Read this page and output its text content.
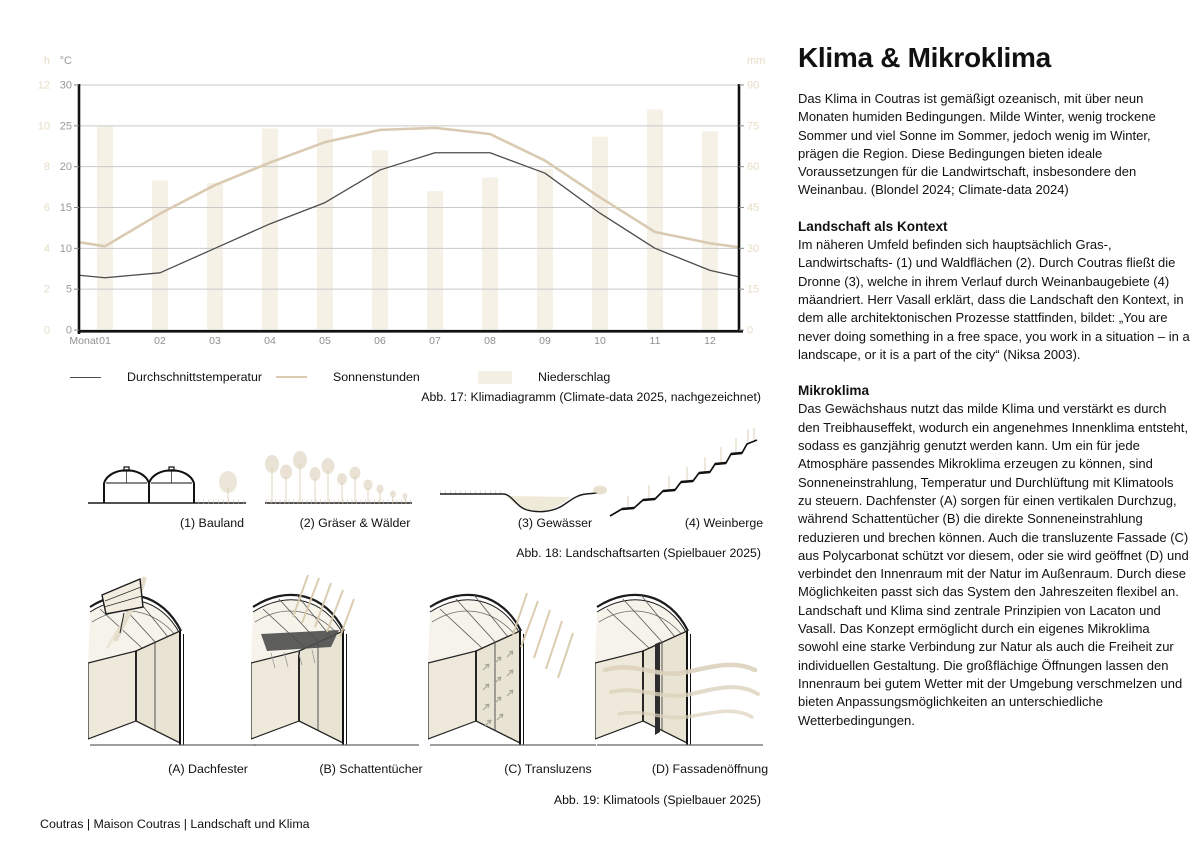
0
5
10
15
20
25
30
0
2
4
6
8
10
12
0
15
30
45
60
75
90
h °C	mm
01	02	03	04	05	06	07	08	09	10	11	12
Monat
Durchschnittstemperatur	Sonnenstunden	Niederschlag
Abb. 17: Klimadiagramm (Climate-data 2025, nachgezeichnet)
(1) Bauland	(2) Gräser & Wälder	(3) Gewässer	(4) Weinberge
Abb. 18: Landschaftsarten (Spielbauer 2025)
(A) Dachfester	(B) Schattentücher	(C) Transluzens	(D) Fassadenöffnung
Abb. 19: Klimatools (Spielbauer 2025)
Klima & Mikroklima

Das Klima in Coutras ist gemäßigt ozeanisch, mit über neun Monaten humiden Bedingungen. Milde Winter, wenig trockene Sommer und viel Sonne im Sommer, jedoch wenig im Winter, prägen die Region. Diese Bedingungen bieten ideale Voraussetzungen für die Landwirtschaft, insbesondere den Weinanbau. (Blondel 2024; Climate-data 2024)

Landschaft als Kontext

Im näheren Umfeld befinden sich hauptsächlich Gras-, Landwirtschafts- (1) und Waldflächen (2). Durch Coutras fließt die Dronne (3), welche in ihrem Verlauf durch Weinanbaugebiete (4) mäandriert. Herr Vasall erklärt, dass die Landschaft den Kontext, in dem alle architektonischen Prozesse stattfinden, bildet: „You are never doing something in a free space, you work in a situation – in a landscape, or it is a part of the city“ (Niksa 2003).

Mikroklima

Das Gewächshaus nutzt das milde Klima und verstärkt es durch den Treibhauseffekt, wodurch ein angenehmes Innenklima entsteht, sodass es ganzjährig genutzt werden kann. Um ein für jede Atmosphäre passendes Mikroklima erzeugen zu können, sind Sonneneinstrahlung, Temperatur und Durchlüftung mit Klimatools zu steuern. Dachfenster (A) sorgen für einen vertikalen Durchzug, während Schattentücher (B) die direkte Sonneneinstrahlung reduzieren und brechen können. Auch die transluzente Fassade (C) aus Polycarbonat schützt vor diesem, oder sie wird geöffnet (D) und verbindet den Innenraum mit der Natur im Außenraum. Durch diese Möglichkeiten passt sich das System den Jahreszeiten flexibel an.

Landschaft und Klima sind zentrale Prinzipien von Lacaton und Vasall. Das Konzept ermöglicht durch ein eigenes Mikroklima sowohl eine starke Verbindung zur Natur als auch die Freiheit zur individuellen Gestaltung. Die großflächige Öffnungen lassen den Innenraum bei gutem Wetter mit der Umgebung verschmelzen und bieten Anpassungsmöglichkeiten an unterschiedliche Wetterbedingungen.

Coutras | Maison Coutras | Landschaft und Klima
